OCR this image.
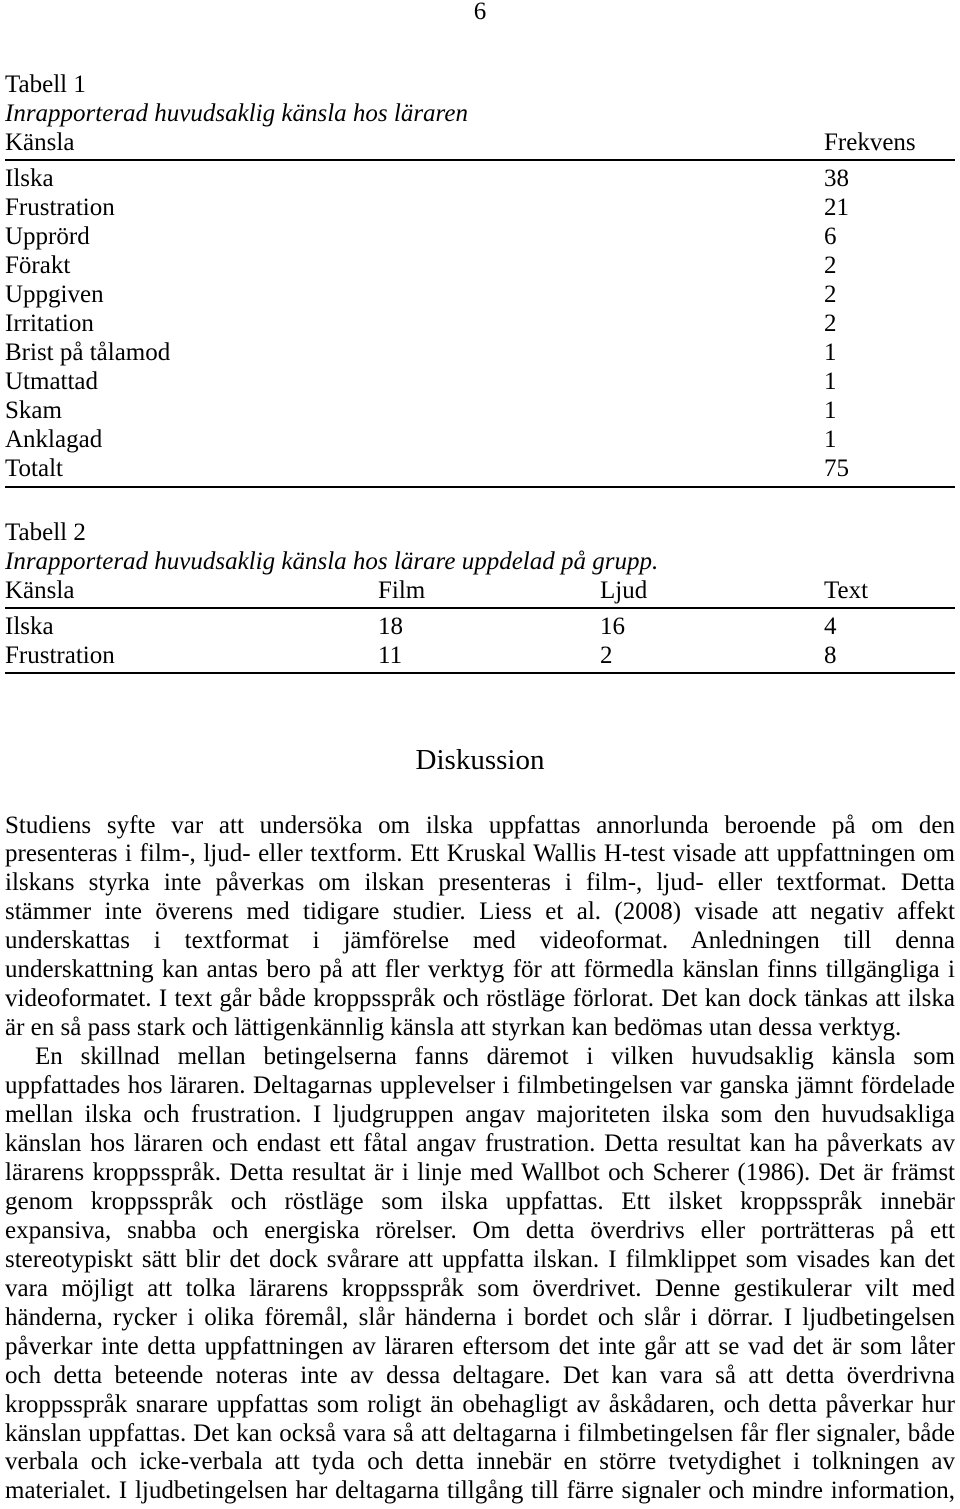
6
Tabell 1
Inrapporterad huvudsaklig känsla hos läraren
Känsla	Frekvens
Ilska	38
Frustration	21
Upprörd	6
Förakt	2
Uppgiven	2
Irritation	2
Brist på tålamod	1
Utmattad	1
Skam	1
Anklagad	1
Totalt	75
Tabell 2
Inrapporterad huvudsaklig känsla hos lärare uppdelad på grupp.
Känsla	Film	Ljud	Text
Ilska	18	16	4
Frustration	11	2	8
Diskussion
Studiens syfte var att undersöka om ilska uppfattas annorlunda beroende på om den
presenteras i film-, ljud- eller textform. Ett Kruskal Wallis H-test visade att uppfattningen om
ilskans styrka inte påverkas om ilskan presenteras i film-, ljud- eller textformat. Detta
stämmer inte överens med tidigare studier. Liess et al. (2008) visade att negativ affekt
underskattas i textformat i jämförelse med videoformat. Anledningen till denna
underskattning kan antas bero på att fler verktyg för att förmedla känslan finns tillgängliga i
videoformatet. I text går både kroppsspråk och röstläge förlorat. Det kan dock tänkas att ilska
är en så pass stark och lättigenkännlig känsla att styrkan kan bedömas utan dessa verktyg.
En skillnad mellan betingelserna fanns däremot i vilken huvudsaklig känsla som
uppfattades hos läraren. Deltagarnas upplevelser i filmbetingelsen var ganska jämnt fördelade
mellan ilska och frustration. I ljudgruppen angav majoriteten ilska som den huvudsakliga
känslan hos läraren och endast ett fåtal angav frustration. Detta resultat kan ha påverkats av
lärarens kroppsspråk. Detta resultat är i linje med Wallbot och Scherer (1986). Det är främst
genom kroppsspråk och röstläge som ilska uppfattas. Ett ilsket kroppsspråk innebär
expansiva, snabba och energiska rörelser. Om detta överdrivs eller porträtteras på ett
stereotypiskt sätt blir det dock svårare att uppfatta ilskan. I filmklippet som visades kan det
vara möjligt att tolka lärarens kroppsspråk som överdrivet. Denne gestikulerar vilt med
händerna, rycker i olika föremål, slår händerna i bordet och slår i dörrar. I ljudbetingelsen
påverkar inte detta uppfattningen av läraren eftersom det inte går att se vad det är som låter
och detta beteende noteras inte av dessa deltagare. Det kan vara så att detta överdrivna
kroppsspråk snarare uppfattas som roligt än obehagligt av åskådaren, och detta påverkar hur
känslan uppfattas. Det kan också vara så att deltagarna i filmbetingelsen får fler signaler, både
verbala och icke-verbala att tyda och detta innebär en större tvetydighet i tolkningen av
materialet. I ljudbetingelsen har deltagarna tillgång till färre signaler och mindre information,
